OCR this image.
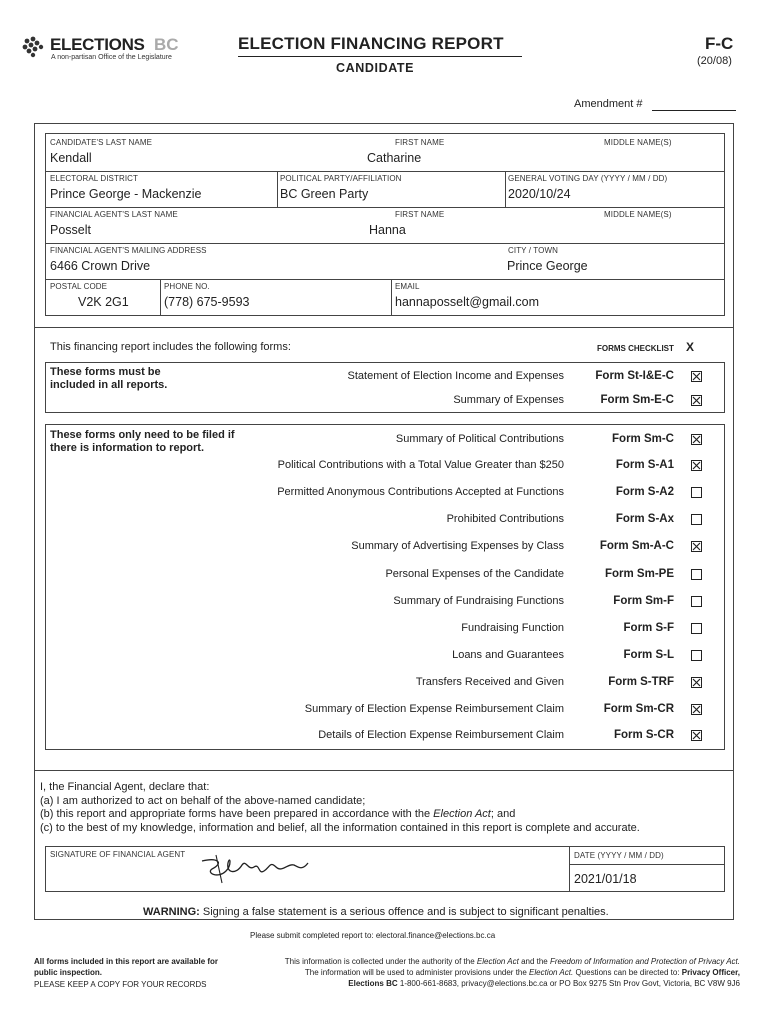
ELECTIONS BC
A non-partisan Office of the Legislature
ELECTION FINANCING REPORT
CANDIDATE
F-C
(20/08)
Amendment #
CANDIDATE'S LAST NAME
Kendall
FIRST NAME
Catharine
MIDDLE NAME(S)
ELECTORAL DISTRICT
Prince George - Mackenzie
POLITICAL PARTY/AFFILIATION
BC Green Party
GENERAL VOTING DAY (YYYY / MM / DD)
2020/10/24
FINANCIAL AGENT'S LAST NAME
Posselt
FIRST NAME
Hanna
MIDDLE NAME(S)
FINANCIAL AGENT'S MAILING ADDRESS
6466 Crown Drive
CITY / TOWN
Prince George
POSTAL CODE
V2K 2G1
PHONE NO.
(778) 675-9593
EMAIL
hannaposselt@gmail.com
This financing report includes the following forms:	FORMS CHECKLIST X
These forms must be included in all reports.
These forms only need to be filed if there is information to report.
Statement of Election Income and Expenses	Form St-I&E-C
Summary of Expenses	Form Sm-E-C
Summary of Political Contributions	Form Sm-C
Political Contributions with a Total Value Greater than $250	Form S-A1
Permitted Anonymous Contributions Accepted at Functions	Form S-A2
Prohibited Contributions	Form S-Ax
Summary of Advertising Expenses by Class	Form Sm-A-C
Personal Expenses of the Candidate	Form Sm-PE
Summary of Fundraising Functions	Form Sm-F
Fundraising Function	Form S-F
Loans and Guarantees	Form S-L
Transfers Received and Given	Form S-TRF
Summary of Election Expense Reimbursement Claim	Form Sm-CR
Details of Election Expense Reimbursement Claim	Form S-CR
I, the Financial Agent, declare that:
(a) I am authorized to act on behalf of the above-named candidate;
(b) this report and appropriate forms have been prepared in accordance with the Election Act; and
(c) to the best of my knowledge, information and belief, all the information contained in this report is complete and accurate.
SIGNATURE OF FINANCIAL AGENT	DATE (YYYY / MM / DD)
2021/01/18
WARNING: Signing a false statement is a serious offence and is subject to significant penalties.
Please submit completed report to: electoral.finance@elections.bc.ca
All forms included in this report are available for public inspection.
PLEASE KEEP A COPY FOR YOUR RECORDS
This information is collected under the authority of the Election Act and the Freedom of Information and Protection of Privacy Act.
The information will be used to administer provisions under the Election Act. Questions can be directed to: Privacy Officer,
Elections BC 1-800-661-8683, privacy@elections.bc.ca or PO Box 9275 Stn Prov Govt, Victoria, BC V8W 9J6
